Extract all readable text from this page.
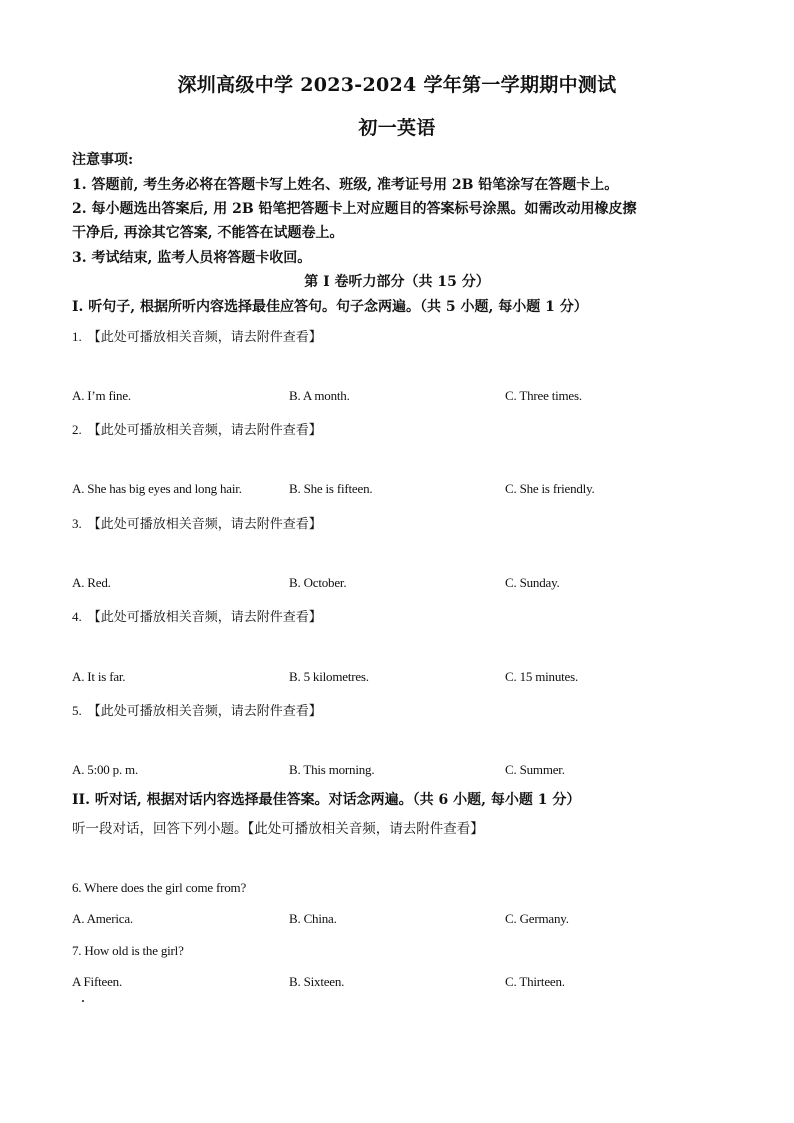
深圳高级中学 2023-2024 学年第一学期期中测试
初一英语
注意事项:
1. 答题前, 考生务必将在答题卡写上姓名、班级, 准考证号用 2B 铅笔涂写在答题卡上。
2. 每小题选出答案后, 用 2B 铅笔把答题卡上对应题目的答案标号涂黑。如需改动用橡皮擦
干净后, 再涂其它答案, 不能答在试题卷上。
3. 考试结束, 监考人员将答题卡收回。
第 I 卷听力部分（共 15 分）
Ⅰ. 听句子, 根据所听内容选择最佳应答句。句子念两遍。（共 5 小题, 每小题 1 分）
1. 【此处可播放相关音频，请去附件查看】
A. I’m fine.	B. A month.	C. Three times.
2. 【此处可播放相关音频，请去附件查看】
A. She has big eyes and long hair.	B. She is fifteen.	C. She is friendly.
3. 【此处可播放相关音频，请去附件查看】
A. Red.	B. October.	C. Sunday.
4. 【此处可播放相关音频，请去附件查看】
A. It is far.	B. 5 kilometres.	C. 15 minutes.
5. 【此处可播放相关音频，请去附件查看】
A. 5:00 p. m.	B. This morning.	C. Summer.
II. 听对话, 根据对话内容选择最佳答案。对话念两遍。（共 6 小题, 每小题 1 分）
听一段对话，回答下列小题。【此处可播放相关音频，请去附件查看】
6. Where does the girl come from?
A. America.	B. China.	C. Germany.
7. How old is the girl?
A Fifteen.	B. Sixteen.	C. Thirteen.
